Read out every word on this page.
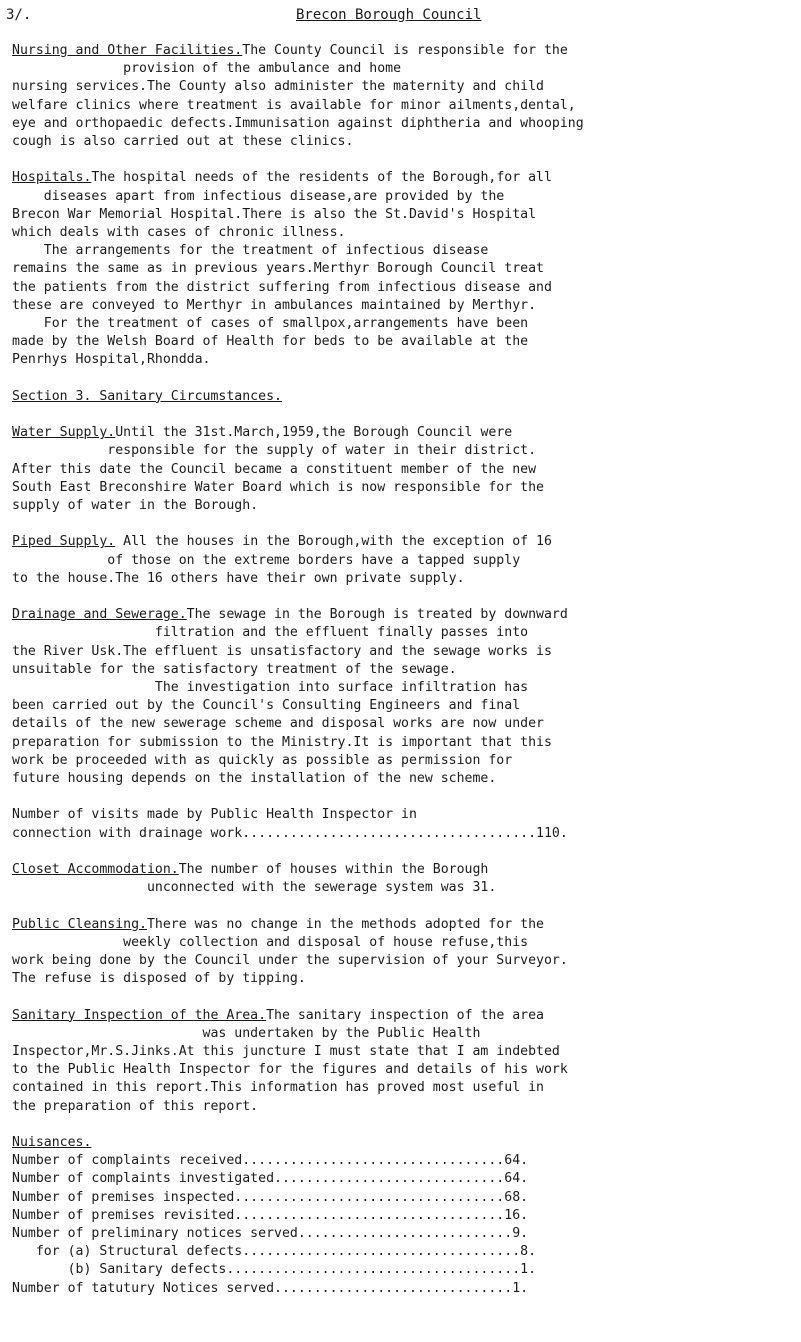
3/.	Brecon Borough Council
Nursing and Other Facilities.The County Council is responsible for the
provision of the ambulance and home
nursing services.The County also administer the maternity and child
welfare clinics where treatment is available for minor ailments,dental,
eye and orthopaedic defects.Immunisation against diphtheria and whooping
cough is also carried out at these clinics.
Hospitals.The hospital needs of the residents of the Borough,for all
diseases apart from infectious disease,are provided by the
Brecon War Memorial Hospital.There is also the St.David's Hospital
which deals with cases of chronic illness.
The arrangements for the treatment of infectious disease
remains the same as in previous years.Merthyr Borough Council treat
the patients from the district suffering from infectious disease and
these are conveyed to Merthyr in ambulances maintained by Merthyr.
For the treatment of cases of smallpox,arrangements have been
made by the Welsh Board of Health for beds to be available at the
Penrhys Hospital,Rhondda.
Section 3. Sanitary Circumstances.
Water Supply.Until the 31st.March,1959,the Borough Council were
responsible for the supply of water in their district.
After this date the Council became a constituent member of the new
South East Breconshire Water Board which is now responsible for the
supply of water in the Borough.
Piped Supply. All the houses in the Borough,with the exception of 16
of those on the extreme borders have a tapped supply
to the house.The 16 others have their own private supply.
Drainage and Sewerage.The sewage in the Borough is treated by downward
filtration and the effluent finally passes into
the River Usk.The effluent is unsatisfactory and the sewage works is
unsuitable for the satisfactory treatment of the sewage.
The investigation into surface infiltration has
been carried out by the Council's Consulting Engineers and final
details of the new sewerage scheme and disposal works are now under
preparation for submission to the Ministry.It is important that this
work be proceeded with as quickly as possible as permission for
future housing depends on the installation of the new scheme.
Number of visits made by Public Health Inspector in
connection with drainage work.....................................110.
Closet Accommodation.The number of houses within the Borough
unconnected with the sewerage system was 31.
Public Cleansing.There was no change in the methods adopted for the
weekly collection and disposal of house refuse,this
work being done by the Council under the supervision of your Surveyor.
The refuse is disposed of by tipping.
Sanitary Inspection of the Area.The sanitary inspection of the area
was undertaken by the Public Health
Inspector,Mr.S.Jinks.At this juncture I must state that I am indebted
to the Public Health Inspector for the figures and details of his work
contained in this report.This information has proved most useful in
the preparation of this report.
Nuisances.
Number of complaints received.................................64.
Number of complaints investigated.............................64.
Number of premises inspected..................................68.
Number of premises revisited..................................16.
Number of preliminary notices served...........................9.
for (a) Structural defects...................................8.
(b) Sanitary defects.....................................1.
Number of tatutury Notices served..............................1.
